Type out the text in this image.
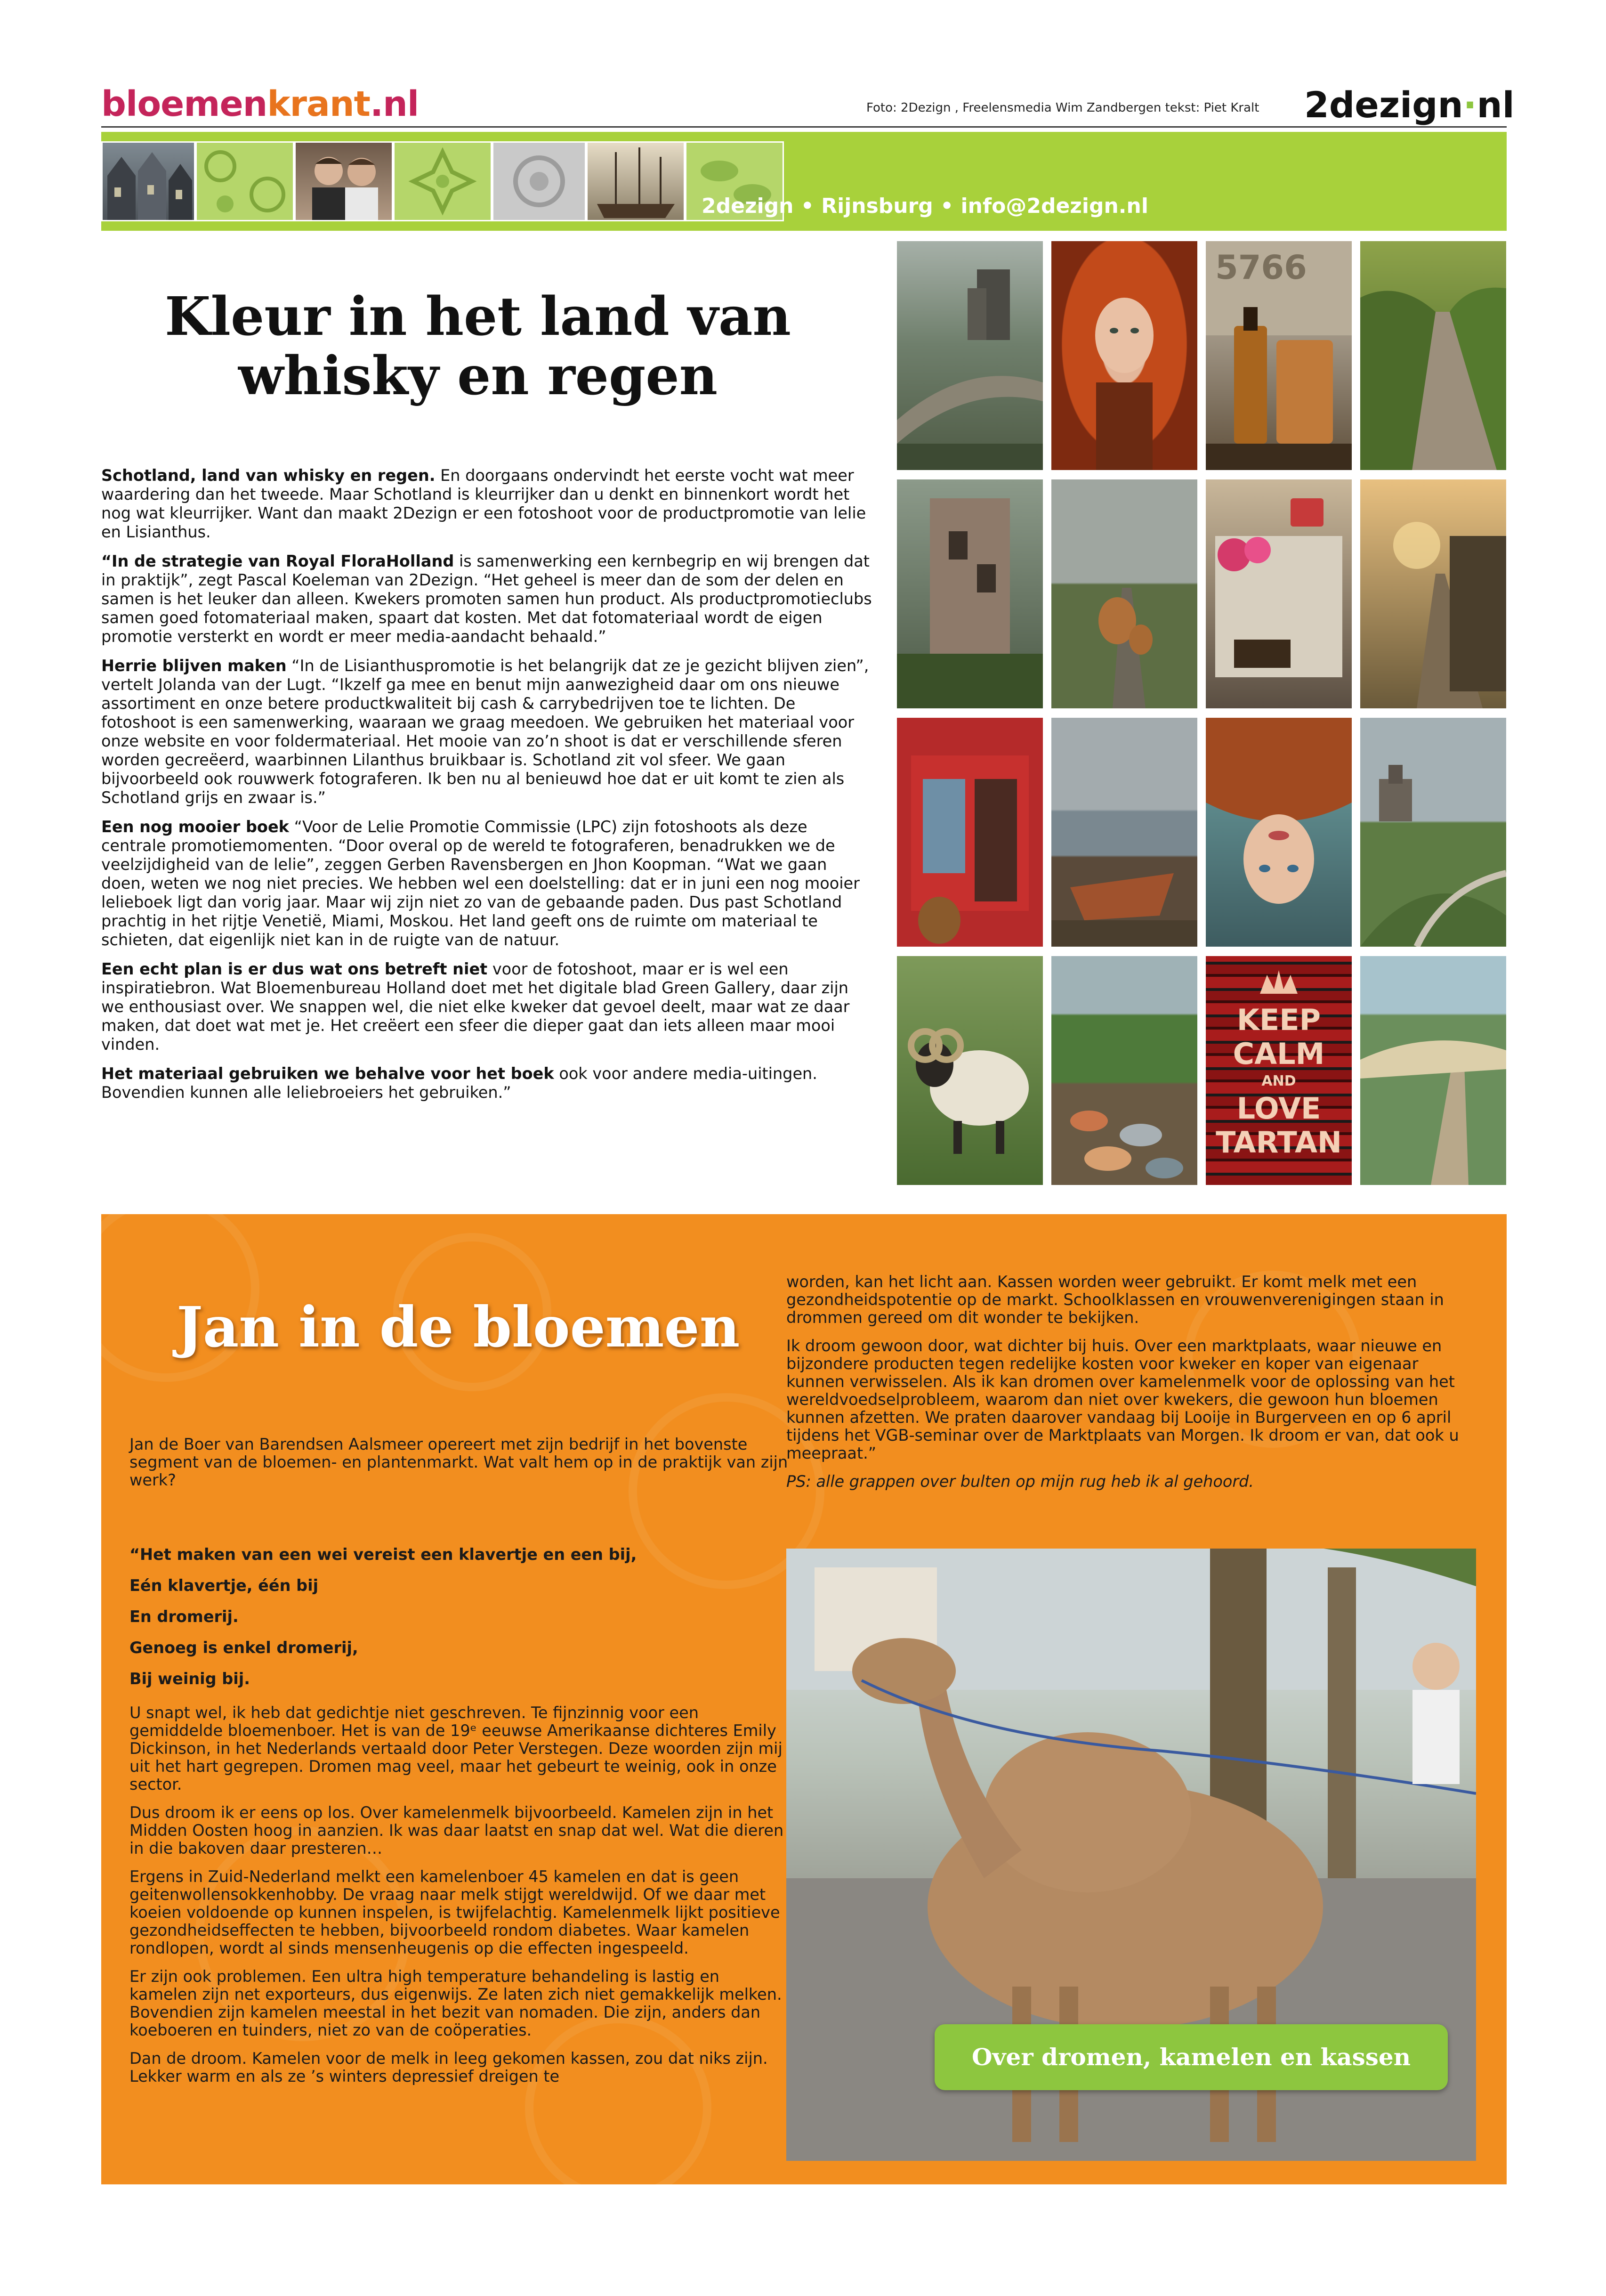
bloemenkrant.nl	Foto: 2Dezign , Freelensmedia Wim Zandbergen tekst: Piet Kralt 2dezign·nl
2dezign • Rijnsburg • info@2dezign.nl
Kleur in het land van
whisky en regen

Schotland, land van whisky en regen. En doorgaans ondervindt het eerste vocht wat meer waardering dan het tweede. Maar Schotland is kleurrijker dan u denkt en binnenkort wordt het nog wat kleurrijker. Want dan maakt 2Dezign er een fotoshoot voor de productpromotie van lelie en Lisianthus.

“In de strategie van Royal FloraHolland is samenwerking een kernbegrip en wij brengen dat in praktijk”, zegt Pascal Koeleman van 2Dezign. “Het geheel is meer dan de som der delen en samen is het leuker dan alleen. Kwekers promoten samen hun product. Als productpromotieclubs samen goed fotomateriaal maken, spaart dat kosten. Met dat fotomateriaal wordt de eigen promotie versterkt en wordt er meer media-aandacht behaald.”

Herrie blijven maken “In de Lisianthuspromotie is het belangrijk dat ze je gezicht blijven zien”, vertelt Jolanda van der Lugt. “Ikzelf ga mee en benut mijn aanwezigheid daar om ons nieuwe assortiment en onze betere productkwaliteit bij cash & carrybedrijven toe te lichten. De fotoshoot is een samenwerking, waaraan we graag meedoen. We gebruiken het materiaal voor onze website en voor foldermateriaal. Het mooie van zo’n shoot is dat er verschillende sferen worden gecreëerd, waarbinnen Lilanthus bruikbaar is. Schotland zit vol sfeer. We gaan bijvoorbeeld ook rouwwerk fotograferen. Ik ben nu al benieuwd hoe dat er uit komt te zien als Schotland grijs en zwaar is.”

Een nog mooier boek “Voor de Lelie Promotie Commissie (LPC) zijn fotoshoots als deze centrale promotiemomenten. “Door overal op de wereld te fotograferen, benadrukken we de veelzijdigheid van de lelie”, zeggen Gerben Ravensbergen en Jhon Koopman. “Wat we gaan doen, weten we nog niet precies. We hebben wel een doelstelling: dat er in juni een nog mooier lelieboek ligt dan vorig jaar. Maar wij zijn niet zo van de gebaande paden. Dus past Schotland prachtig in het rijtje Venetië, Miami, Moskou. Het land geeft ons de ruimte om materiaal te schieten, dat eigenlijk niet kan in de ruigte van de natuur.

Een echt plan is er dus wat ons betreft niet voor de fotoshoot, maar er is wel een inspiratiebron. Wat Bloemenbureau Holland doet met het digitale blad Green Gallery, daar zijn we enthousiast over. We snappen wel, die niet elke kweker dat gevoel deelt, maar wat ze daar maken, dat doet wat met je. Het creëert een sfeer die dieper gaat dan iets alleen maar mooi vinden.

Het materiaal gebruiken we behalve voor het boek ook voor andere media-uitingen. Bovendien kunnen alle leliebroeiers het gebruiken.”

5766
KEEP
CALM
AND
LOVE
TARTAN
Jan in de bloemen

Jan de Boer van Barendsen Aalsmeer opereert met zijn bedrijf in het bovenste segment van de bloemen- en plantenmarkt. Wat valt hem op in de praktijk van zijn werk?

“Het maken van een wei vereist een klavertje en een bij,
Eén klavertje, één bij
En dromerij.
Genoeg is enkel dromerij,
Bij weinig bij.

U snapt wel, ik heb dat gedichtje niet geschreven. Te fijnzinnig voor een gemiddelde bloemenboer. Het is van de 19ᵉ eeuwse Amerikaanse dichteres Emily Dickinson, in het Nederlands vertaald door Peter Verstegen. Deze woorden zijn mij uit het hart gegrepen. Dromen mag veel, maar het gebeurt te weinig, ook in onze sector.

Dus droom ik er eens op los. Over kamelenmelk bijvoorbeeld. Kamelen zijn in het Midden Oosten hoog in aanzien. Ik was daar laatst en snap dat wel. Wat die dieren in die bakoven daar presteren…

Ergens in Zuid-Nederland melkt een kamelenboer 45 kamelen en dat is geen geitenwollensokkenhobby. De vraag naar melk stijgt wereldwijd. Of we daar met koeien voldoende op kunnen inspelen, is twijfelachtig. Kamelenmelk lijkt positieve gezondheidseffecten te hebben, bijvoorbeeld rondom diabetes. Waar kamelen rondlopen, wordt al sinds mensenheugenis op die effecten ingespeeld.

Er zijn ook problemen. Een ultra high temperature behandeling is lastig en kamelen zijn net exporteurs, dus eigenwijs. Ze laten zich niet gemakkelijk melken. Bovendien zijn kamelen meestal in het bezit van nomaden. Die zijn, anders dan koeboeren en tuinders, niet zo van de coöperaties.

Dan de droom. Kamelen voor de melk in leeg gekomen kassen, zou dat niks zijn. Lekker warm en als ze ’s winters depressief dreigen te

worden, kan het licht aan. Kassen worden weer gebruikt. Er komt melk met een gezondheidspotentie op de markt. Schoolklassen en vrouwenverenigingen staan in drommen gereed om dit wonder te bekijken.

Ik droom gewoon door, wat dichter bij huis. Over een marktplaats, waar nieuwe en bijzondere producten tegen redelijke kosten voor kweker en koper van eigenaar kunnen verwisselen. Als ik kan dromen over kamelenmelk voor de oplossing van het wereldvoedselprobleem, waarom dan niet over kwekers, die gewoon hun bloemen kunnen afzetten. We praten daarover vandaag bij Looije in Burgerveen en op 6 april tijdens het VGB-seminar over de Marktplaats van Morgen. Ik droom er van, dat ook u meepraat.”

PS: alle grappen over bulten op mijn rug heb ik al gehoord.

Over dromen, kamelen en kassen
